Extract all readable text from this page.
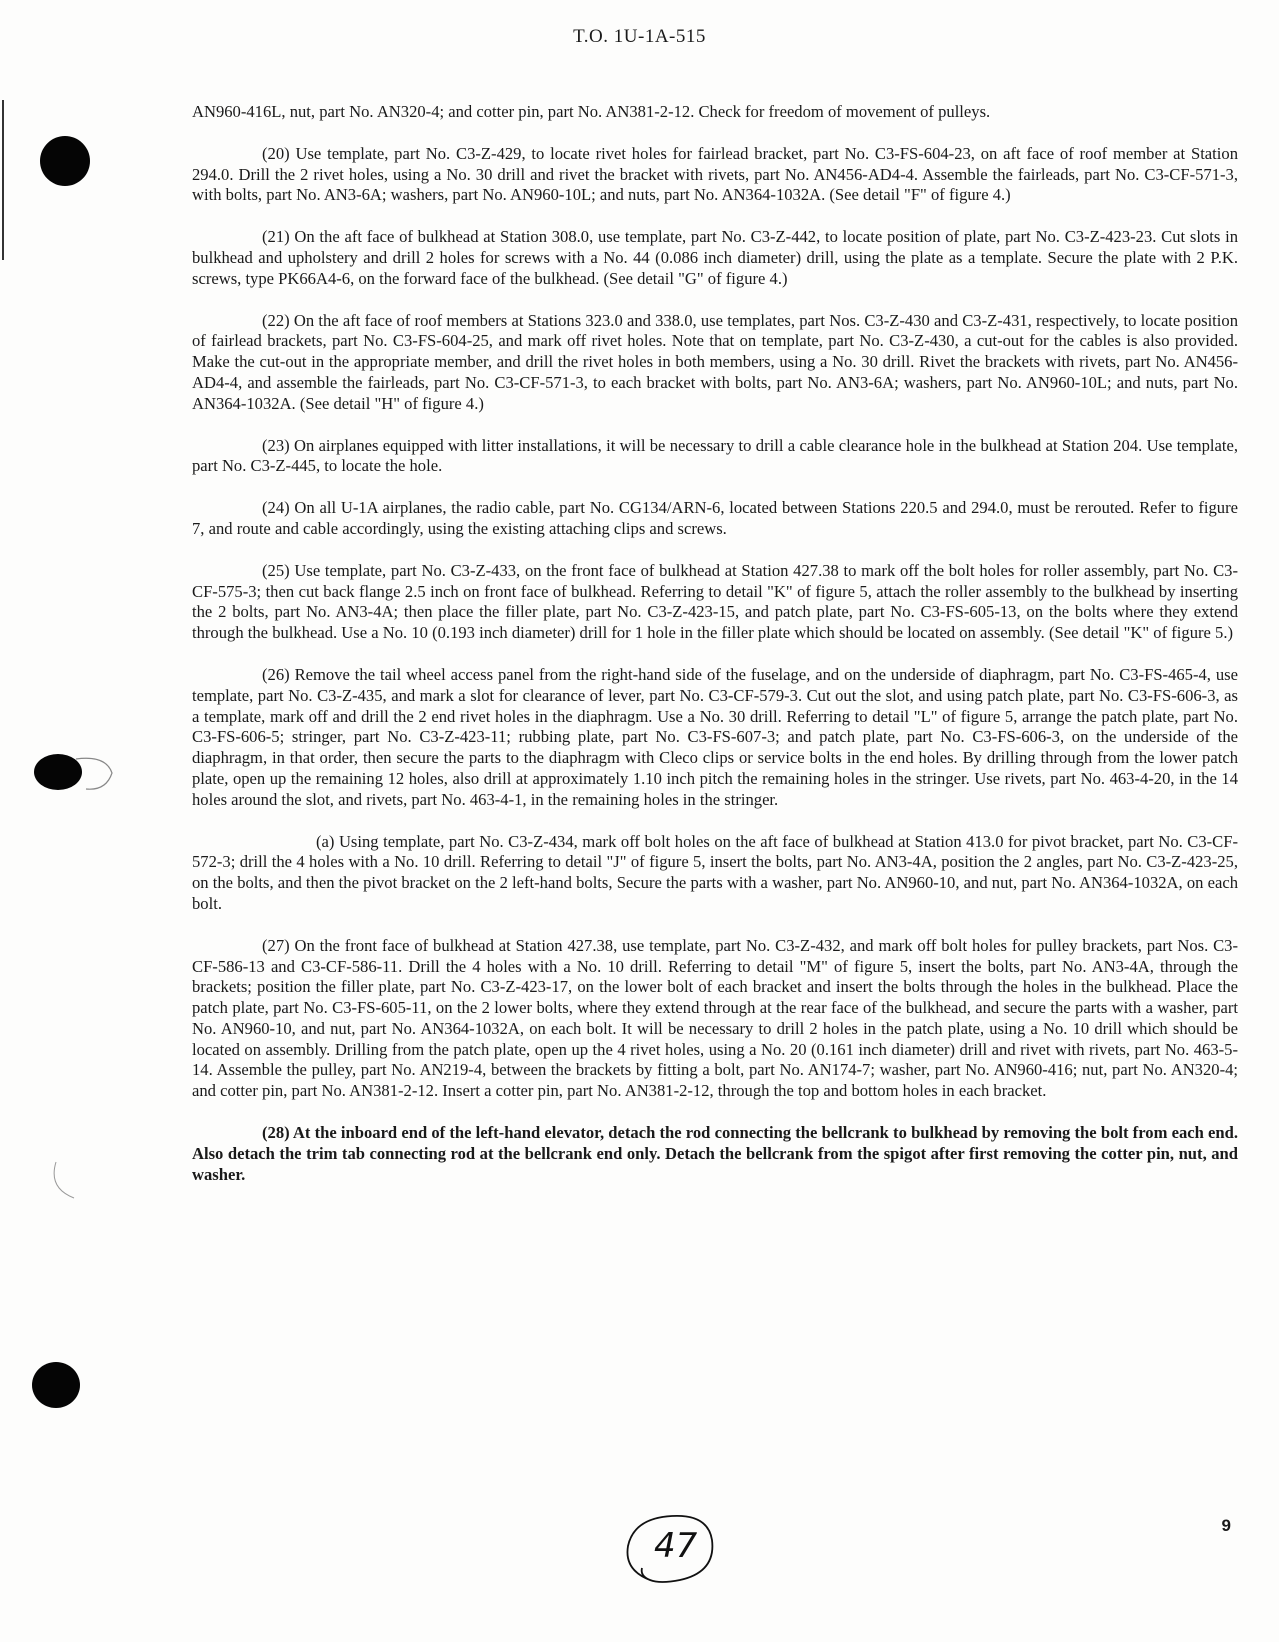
T.O. 1U-1A-515

AN960-416L, nut, part No. AN320-4; and cotter pin, part No. AN381-2-12. Check for freedom of movement of pulleys.

(20) Use template, part No. C3-Z-429, to locate rivet holes for fairlead bracket, part No. C3-FS-604-23, on aft face of roof member at Station 294.0. Drill the 2 rivet holes, using a No. 30 drill and rivet the bracket with rivets, part No. AN456-AD4-4. Assemble the fairleads, part No. C3-CF-571-3, with bolts, part No. AN3-6A; washers, part No. AN960-10L; and nuts, part No. AN364-1032A. (See detail "F" of figure 4.)

(21) On the aft face of bulkhead at Station 308.0, use template, part No. C3-Z-442, to locate position of plate, part No. C3-Z-423-23. Cut slots in bulkhead and upholstery and drill 2 holes for screws with a No. 44 (0.086 inch diameter) drill, using the plate as a template. Secure the plate with 2 P.K. screws, type PK66A4-6, on the forward face of the bulkhead. (See detail "G" of figure 4.)

(22) On the aft face of roof members at Stations 323.0 and 338.0, use templates, part Nos. C3-Z-430 and C3-Z-431, respectively, to locate position of fairlead brackets, part No. C3-FS-604-25, and mark off rivet holes. Note that on template, part No. C3-Z-430, a cut-out for the cables is also provided. Make the cut-out in the appropriate member, and drill the rivet holes in both members, using a No. 30 drill. Rivet the brackets with rivets, part No. AN456-AD4-4, and assemble the fairleads, part No. C3-CF-571-3, to each bracket with bolts, part No. AN3-6A; washers, part No. AN960-10L; and nuts, part No. AN364-1032A. (See detail "H" of figure 4.)

(23) On airplanes equipped with litter installations, it will be necessary to drill a cable clearance hole in the bulkhead at Station 204. Use template, part No. C3-Z-445, to locate the hole.

(24) On all U-1A airplanes, the radio cable, part No. CG134/ARN-6, located between Stations 220.5 and 294.0, must be rerouted. Refer to figure 7, and route and cable accordingly, using the existing attaching clips and screws.

(25) Use template, part No. C3-Z-433, on the front face of bulkhead at Station 427.38 to mark off the bolt holes for roller assembly, part No. C3-CF-575-3; then cut back flange 2.5 inch on front face of bulkhead. Referring to detail "K" of figure 5, attach the roller assembly to the bulkhead by inserting the 2 bolts, part No. AN3-4A; then place the filler plate, part No. C3-Z-423-15, and patch plate, part No. C3-FS-605-13, on the bolts where they extend through the bulkhead. Use a No. 10 (0.193 inch diameter) drill for 1 hole in the filler plate which should be located on assembly. (See detail "K" of figure 5.)

(26) Remove the tail wheel access panel from the right-hand side of the fuselage, and on the underside of diaphragm, part No. C3-FS-465-4, use template, part No. C3-Z-435, and mark a slot for clearance of lever, part No. C3-CF-579-3. Cut out the slot, and using patch plate, part No. C3-FS-606-3, as a template, mark off and drill the 2 end rivet holes in the diaphragm. Use a No. 30 drill. Referring to detail "L" of figure 5, arrange the patch plate, part No. C3-FS-606-5; stringer, part No. C3-Z-423-11; rubbing plate, part No. C3-FS-607-3; and patch plate, part No. C3-FS-606-3, on the underside of the diaphragm, in that order, then secure the parts to the diaphragm with Cleco clips or service bolts in the end holes. By drilling through from the lower patch plate, open up the remaining 12 holes, also drill at approximately 1.10 inch pitch the remaining holes in the stringer. Use rivets, part No. 463-4-20, in the 14 holes around the slot, and rivets, part No. 463-4-1, in the remaining holes in the stringer.

(a) Using template, part No. C3-Z-434, mark off bolt holes on the aft face of bulkhead at Station 413.0 for pivot bracket, part No. C3-CF-572-3; drill the 4 holes with a No. 10 drill. Referring to detail "J" of figure 5, insert the bolts, part No. AN3-4A, position the 2 angles, part No. C3-Z-423-25, on the bolts, and then the pivot bracket on the 2 left-hand bolts, Secure the parts with a washer, part No. AN960-10, and nut, part No. AN364-1032A, on each bolt.

(27) On the front face of bulkhead at Station 427.38, use template, part No. C3-Z-432, and mark off bolt holes for pulley brackets, part Nos. C3-CF-586-13 and C3-CF-586-11. Drill the 4 holes with a No. 10 drill. Referring to detail "M" of figure 5, insert the bolts, part No. AN3-4A, through the brackets; position the filler plate, part No. C3-Z-423-17, on the lower bolt of each bracket and insert the bolts through the holes in the bulkhead. Place the patch plate, part No. C3-FS-605-11, on the 2 lower bolts, where they extend through at the rear face of the bulkhead, and secure the parts with a washer, part No. AN960-10, and nut, part No. AN364-1032A, on each bolt. It will be necessary to drill 2 holes in the patch plate, using a No. 10 drill which should be located on assembly. Drilling from the patch plate, open up the 4 rivet holes, using a No. 20 (0.161 inch diameter) drill and rivet with rivets, part No. 463-5-14. Assemble the pulley, part No. AN219-4, between the brackets by fitting a bolt, part No. AN174-7; washer, part No. AN960-416; nut, part No. AN320-4; and cotter pin, part No. AN381-2-12. Insert a cotter pin, part No. AN381-2-12, through the top and bottom holes in each bracket.

(28) At the inboard end of the left-hand elevator, detach the rod connecting the bellcrank to bulkhead by removing the bolt from each end. Also detach the trim tab connecting rod at the bellcrank end only. Detach the bellcrank from the spigot after first removing the cotter pin, nut, and washer.

47
9
